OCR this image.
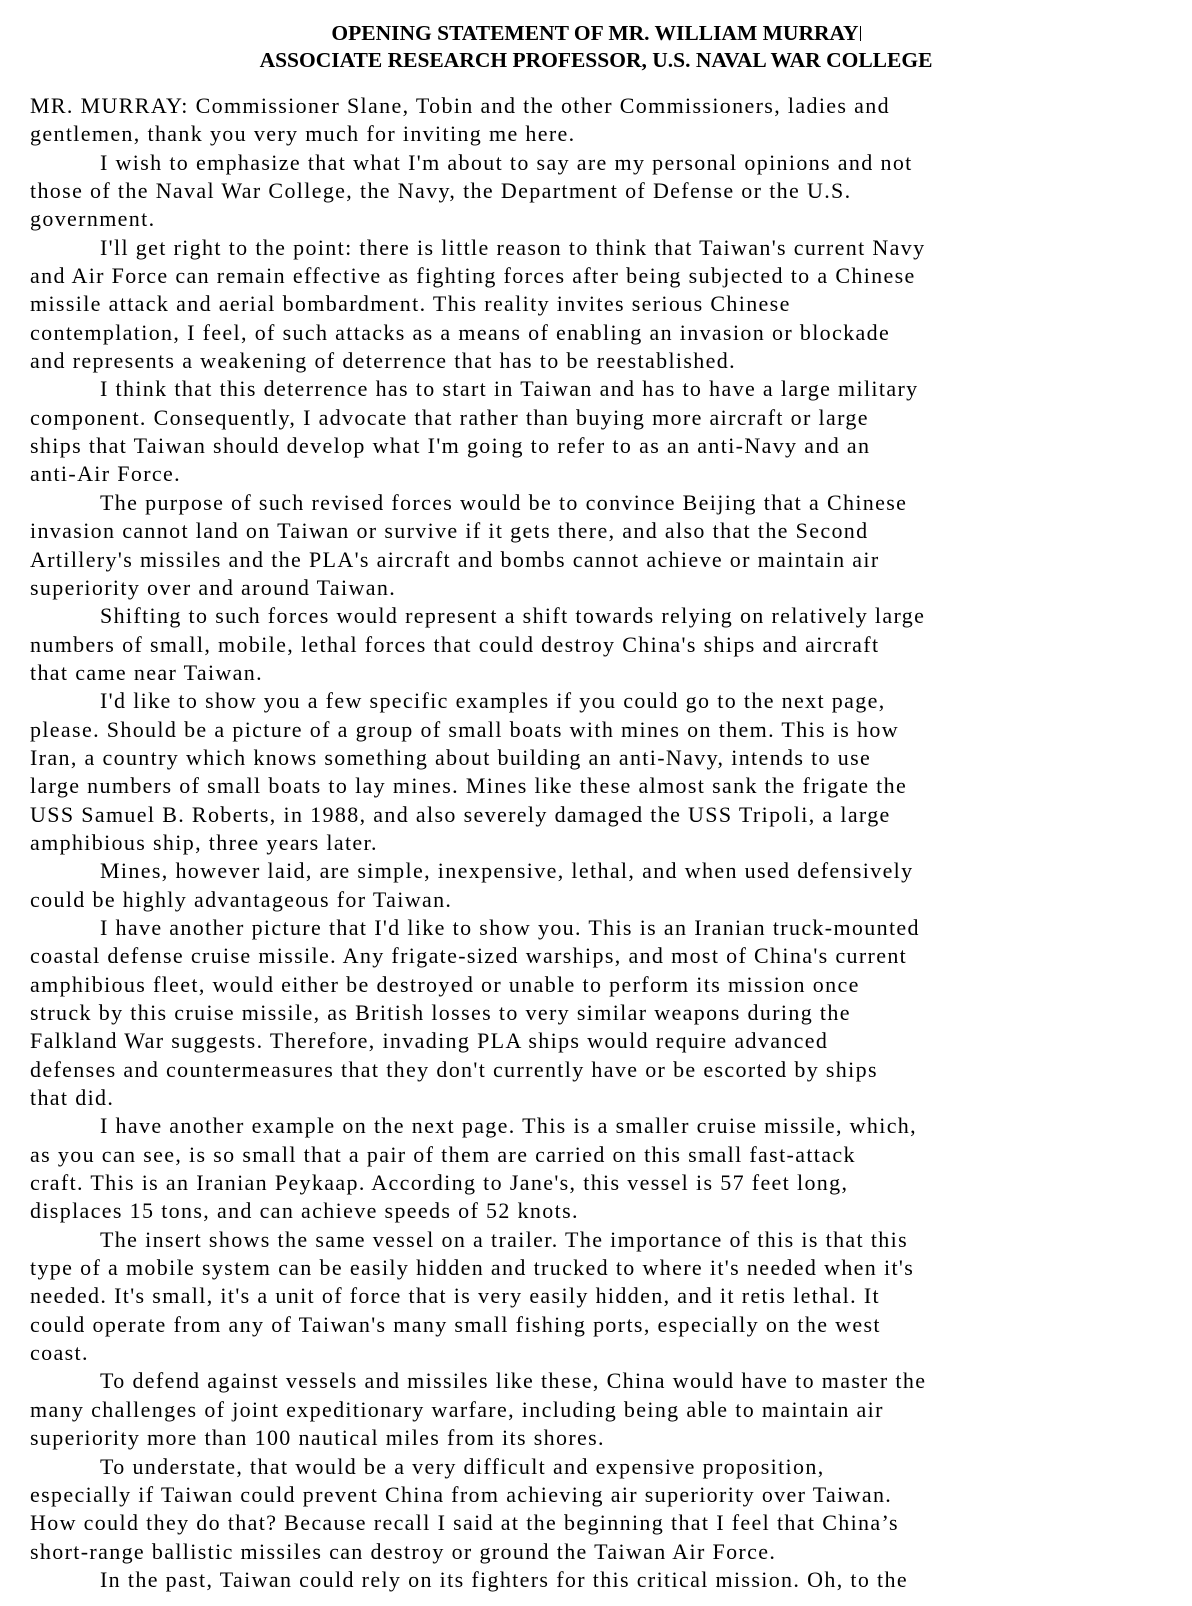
OPENING STATEMENT OF MR. WILLIAM MURRAY
ASSOCIATE RESEARCH PROFESSOR, U.S. NAVAL WAR COLLEGE
MR. MURRAY: Commissioner Slane, Tobin and the other Commissioners, ladies and
gentlemen, thank you very much for inviting me here.
I wish to emphasize that what I'm about to say are my personal opinions and not
those of the Naval War College, the Navy, the Department of Defense or the U.S.
government.
I'll get right to the point: there is little reason to think that Taiwan's current Navy
and Air Force can remain effective as fighting forces after being subjected to a Chinese
missile attack and aerial bombardment. This reality invites serious Chinese
contemplation, I feel, of such attacks as a means of enabling an invasion or blockade
and represents a weakening of deterrence that has to be reestablished.
I think that this deterrence has to start in Taiwan and has to have a large military
component. Consequently, I advocate that rather than buying more aircraft or large
ships that Taiwan should develop what I'm going to refer to as an anti-Navy and an
anti-Air Force.
The purpose of such revised forces would be to convince Beijing that a Chinese
invasion cannot land on Taiwan or survive if it gets there, and also that the Second
Artillery's missiles and the PLA's aircraft and bombs cannot achieve or maintain air
superiority over and around Taiwan.
Shifting to such forces would represent a shift towards relying on relatively large
numbers of small, mobile, lethal forces that could destroy China's ships and aircraft
that came near Taiwan.
I'd like to show you a few specific examples if you could go to the next page,
please. Should be a picture of a group of small boats with mines on them. This is how
Iran, a country which knows something about building an anti-Navy, intends to use
large numbers of small boats to lay mines. Mines like these almost sank the frigate the
USS Samuel B. Roberts, in 1988, and also severely damaged the USS Tripoli, a large
amphibious ship, three years later.
Mines, however laid, are simple, inexpensive, lethal, and when used defensively
could be highly advantageous for Taiwan.
I have another picture that I'd like to show you. This is an Iranian truck-mounted
coastal defense cruise missile. Any frigate-sized warships, and most of China's current
amphibious fleet, would either be destroyed or unable to perform its mission once
struck by this cruise missile, as British losses to very similar weapons during the
Falkland War suggests. Therefore, invading PLA ships would require advanced
defenses and countermeasures that they don't currently have or be escorted by ships
that did.
I have another example on the next page. This is a smaller cruise missile, which,
as you can see, is so small that a pair of them are carried on this small fast-attack
craft. This is an Iranian Peykaap. According to Jane's, this vessel is 57 feet long,
displaces 15 tons, and can achieve speeds of 52 knots.
The insert shows the same vessel on a trailer. The importance of this is that this
type of a mobile system can be easily hidden and trucked to where it's needed when it's
needed. It's small, it's a unit of force that is very easily hidden, and it retis lethal. It
could operate from any of Taiwan's many small fishing ports, especially on the west
coast.
To defend against vessels and missiles like these, China would have to master the
many challenges of joint expeditionary warfare, including being able to maintain air
superiority more than 100 nautical miles from its shores.
To understate, that would be a very difficult and expensive proposition,
especially if Taiwan could prevent China from achieving air superiority over Taiwan.
How could they do that? Because recall I said at the beginning that I feel that China’s
short-range ballistic missiles can destroy or ground the Taiwan Air Force.
In the past, Taiwan could rely on its fighters for this critical mission. Oh, to the
